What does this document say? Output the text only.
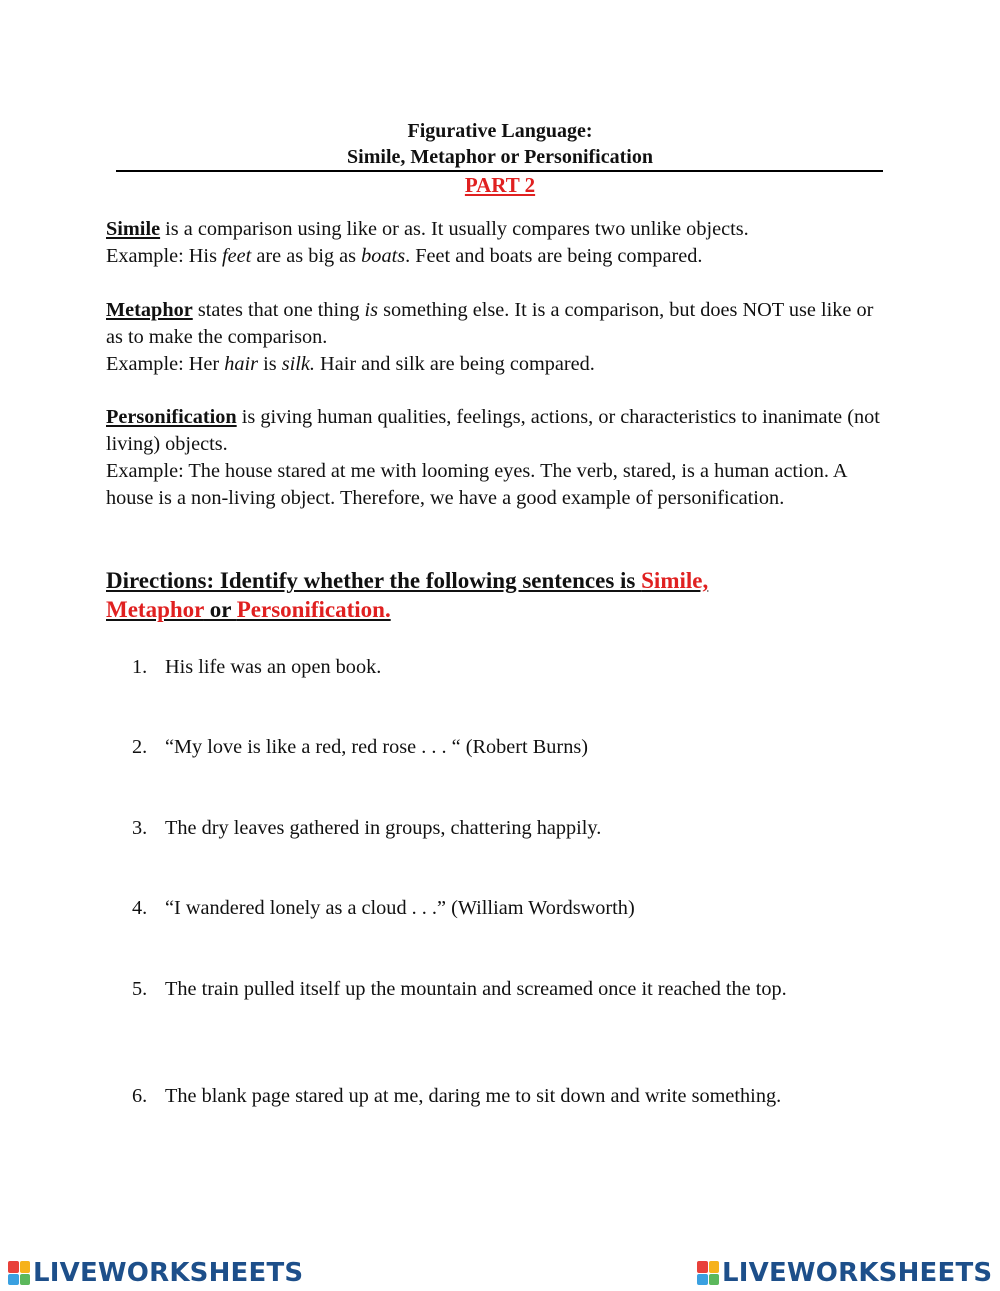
Figurative Language:
Simile, Metaphor or Personification
PART 2
Simile is a comparison using like or as. It usually compares two unlike objects.
Example: His feet are as big as boats. Feet and boats are being compared.
Metaphor states that one thing is something else. It is a comparison, but does NOT use like or as to make the comparison.
Example: Her hair is silk. Hair and silk are being compared.
Personification is giving human qualities, feelings, actions, or characteristics to inanimate (not living) objects.
Example: The house stared at me with looming eyes. The verb, stared, is a human action. A house is a non-living object. Therefore, we have a good example of personification.
Directions: Identify whether the following sentences is Simile,
Metaphor or Personification.
1. His life was an open book.
2. “My love is like a red, red rose . . . “ (Robert Burns)
3. The dry leaves gathered in groups, chattering happily.
4. “I wandered lonely as a cloud . . .” (William Wordsworth)
5. The train pulled itself up the mountain and screamed once it reached the top.
6. The blank page stared up at me, daring me to sit down and write something.
LIVEWORKSHEETS	LIVEWORKSHEETS
